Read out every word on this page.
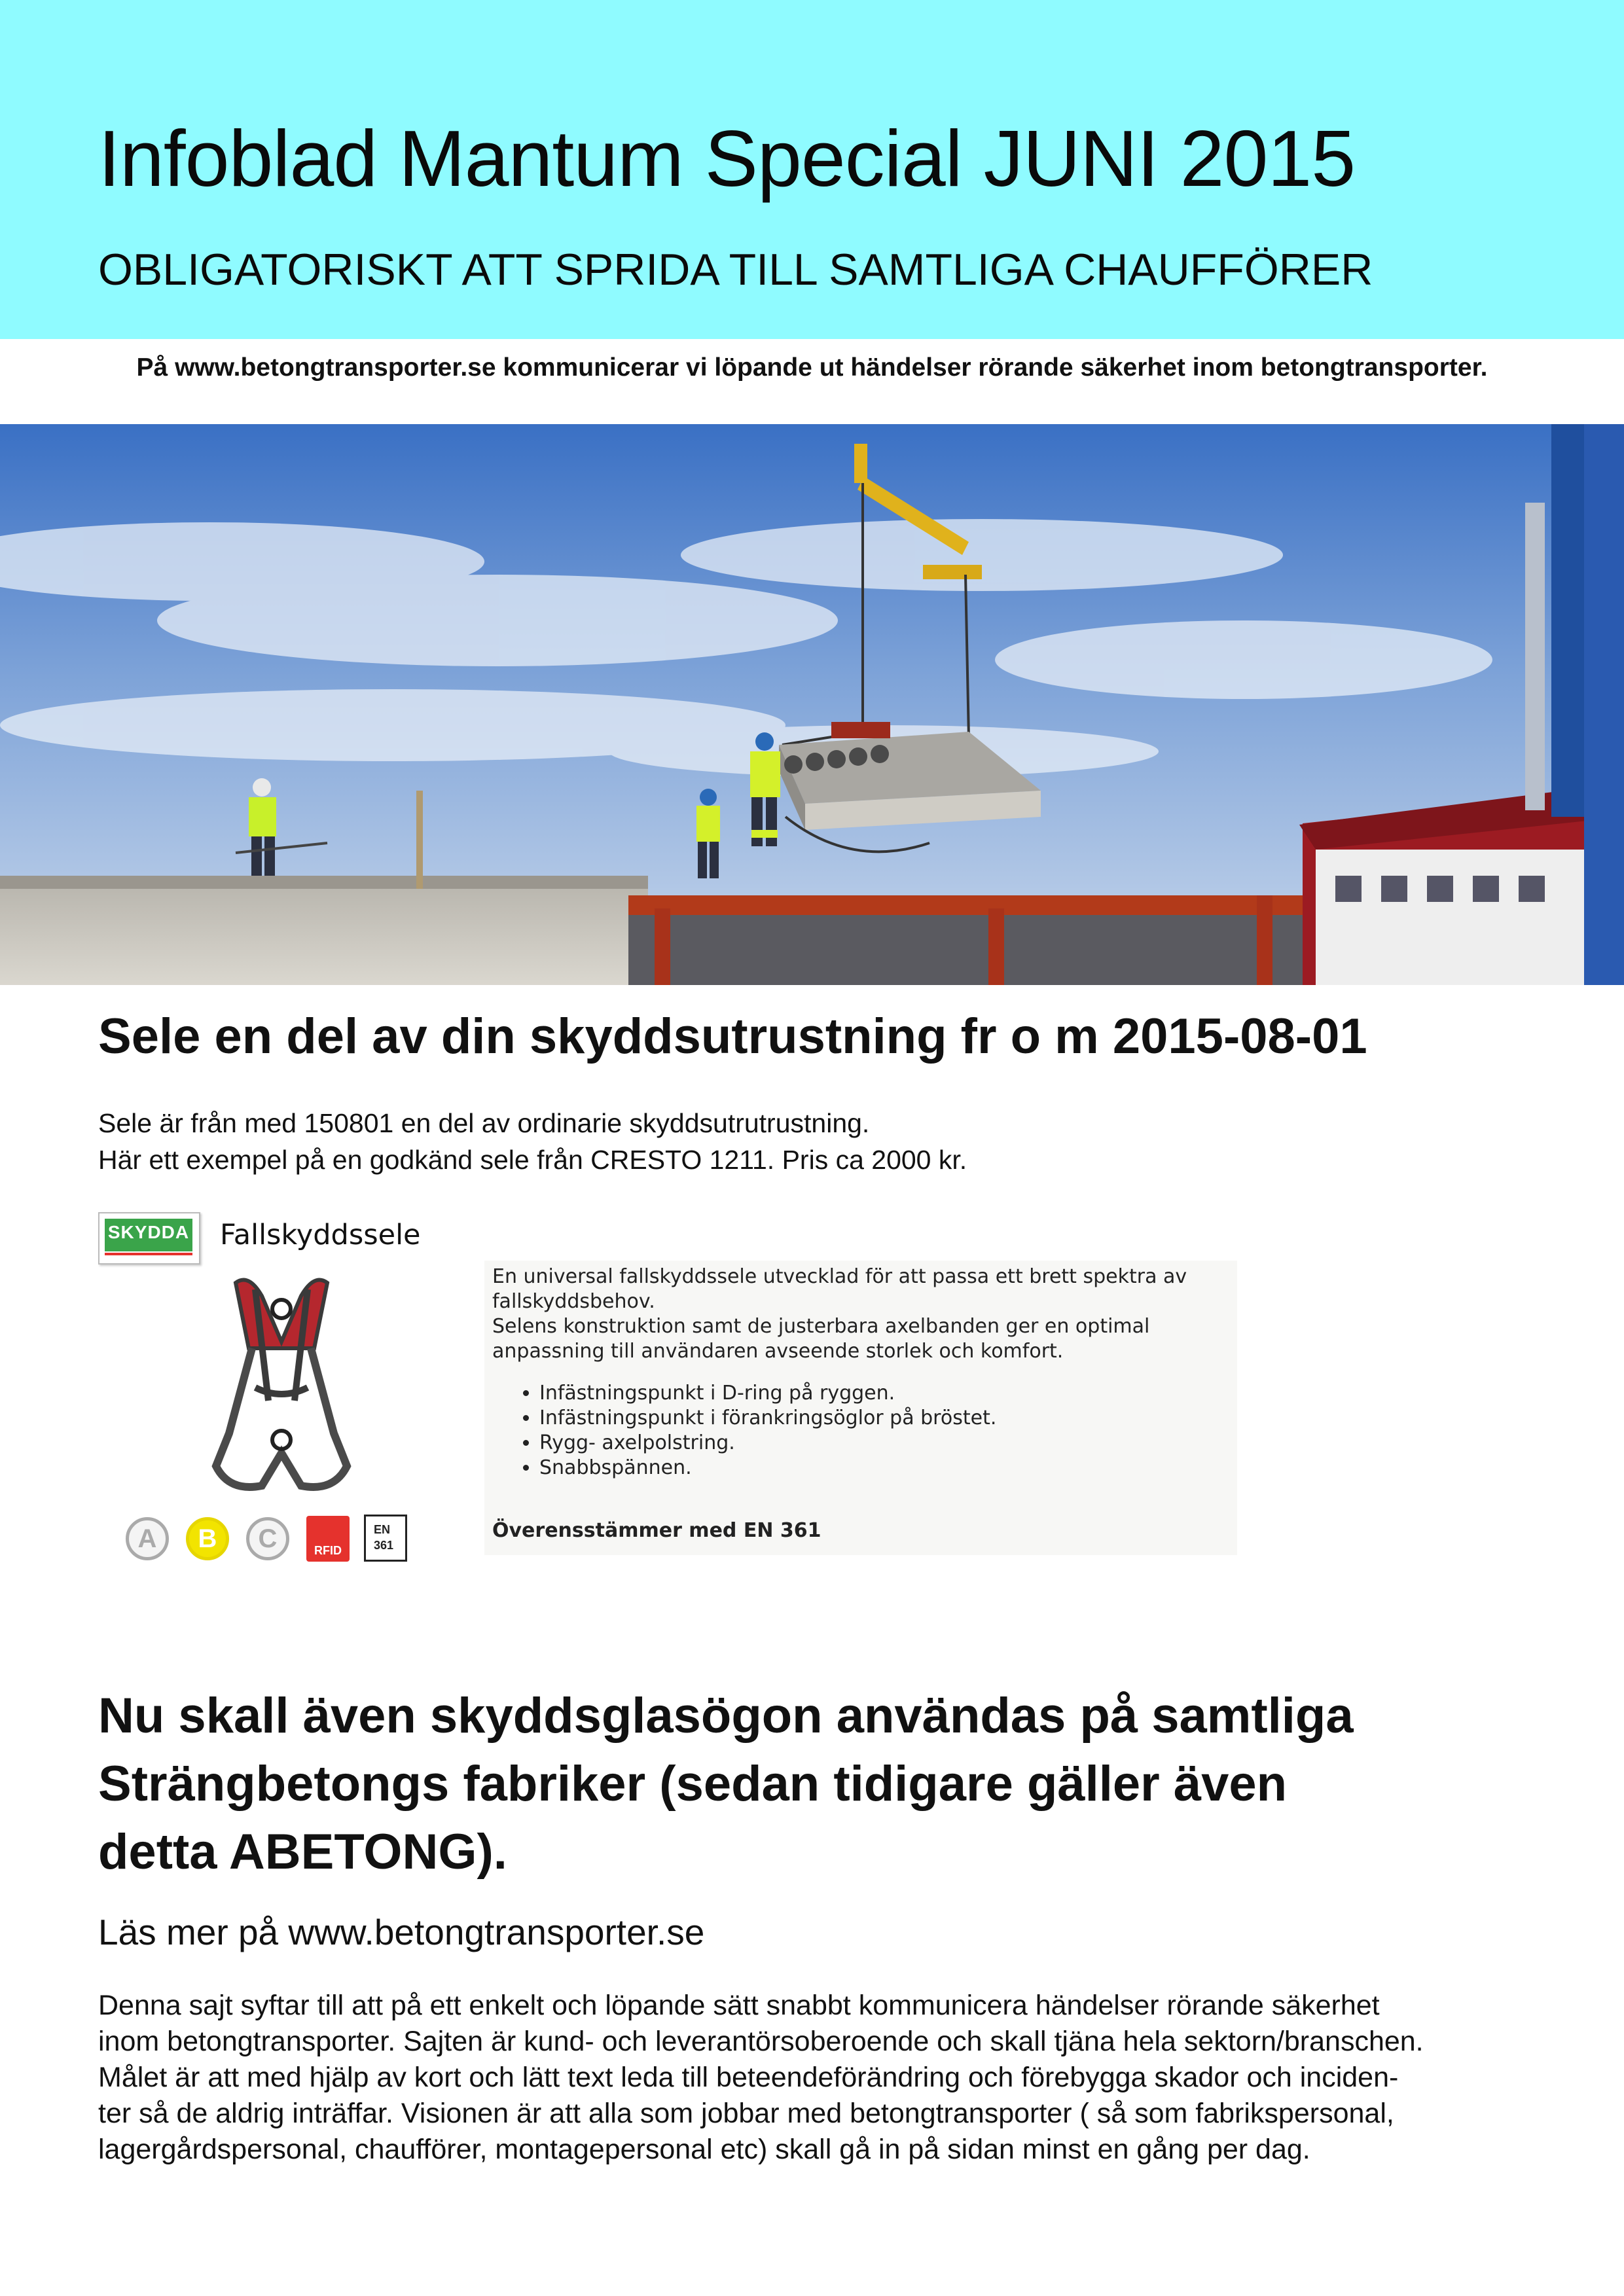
Infoblad Mantum Special JUNI 2015
OBLIGATORISKT ATT SPRIDA TILL SAMTLIGA CHAUFFÖRER
På www.betongtransporter.se kommunicerar vi löpande ut händelser rörande säkerhet inom betongtransporter.
Sele en del av din skyddsutrustning fr o m 2015-08-01
Sele är från med 150801 en del av ordinarie skyddsutrutrustning.
Här ett exempel på en godkänd sele från CRESTO 1211. Pris ca 2000 kr.
SKYDDA Fallskyddssele
A	B	C	RFID
EN
361
En universal fallskyddssele utvecklad för att passa ett brett spektra av
fallskyddsbehov.
Selens konstruktion samt de justerbara axelbanden ger en optimal
anpassning till användaren avseende storlek och komfort.
• Infästningspunkt i D-ring på ryggen.
• Infästningspunkt i förankringsöglor på bröstet.
• Rygg- axelpolstring.
• Snabbspännen.
Överensstämmer med EN 361
Nu skall även skyddsglasögon användas på samtliga
Strängbetongs fabriker (sedan tidigare gäller även
detta ABETONG).
Läs mer på www.betongtransporter.se
Denna sajt syftar till att på ett enkelt och löpande sätt snabbt kommunicera händelser rörande säkerhet
inom betongtransporter. Sajten är kund- och leverantörsoberoende och skall tjäna hela sektorn/branschen.
Målet är att med hjälp av kort och lätt text leda till beteendeförändring och förebygga skador och inciden-
ter så de aldrig inträffar. Visionen är att alla som jobbar med betongtransporter ( så som fabrikspersonal,
lagergårdspersonal, chaufförer, montagepersonal etc) skall gå in på sidan minst en gång per dag.
